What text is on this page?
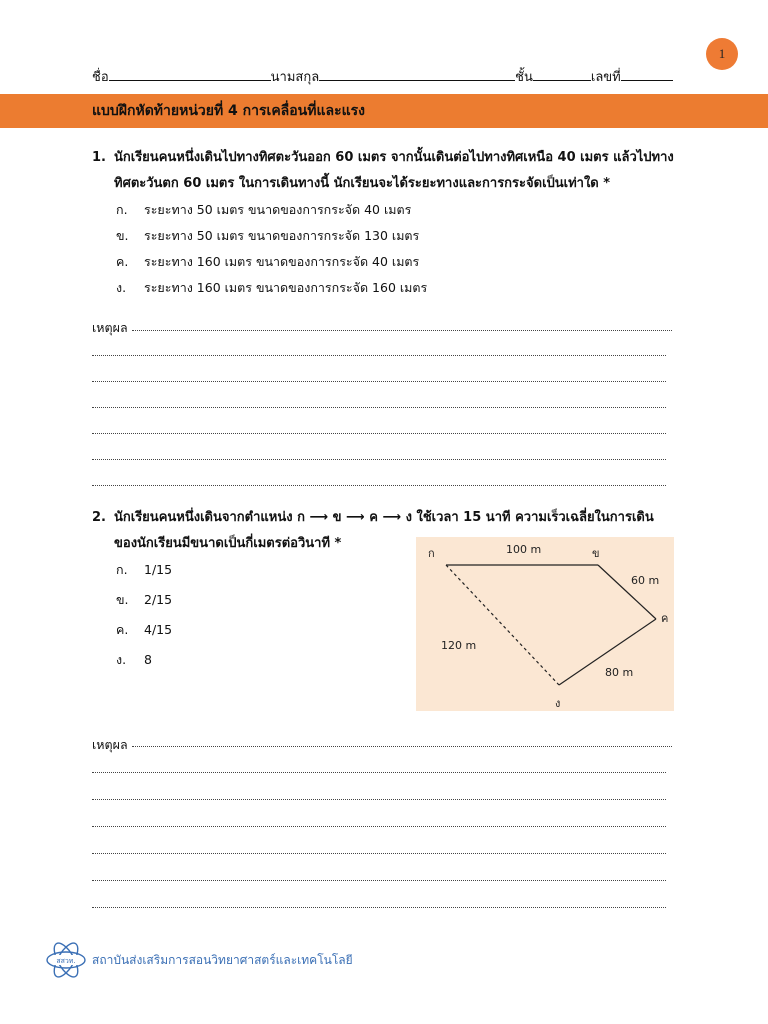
1
ชื่อ	นามสกุล	ชั้น	เลขที่
แบบฝึกหัดท้ายหน่วยที่ 4 การเคลื่อนที่และแรง
1. นักเรียนคนหนึ่งเดินไปทางทิศตะวันออก 60 เมตร จากนั้นเดินต่อไปทางทิศเหนือ 40 เมตร แล้วไปทาง
ทิศตะวันตก 60 เมตร ในการเดินทางนี้ นักเรียนจะได้ระยะทางและการกระจัดเป็นเท่าใด *
ก. ระยะทาง 50 เมตร ขนาดของการกระจัด 40 เมตร
ข. ระยะทาง 50 เมตร ขนาดของการกระจัด 130 เมตร
ค. ระยะทาง 160 เมตร ขนาดของการกระจัด 40 เมตร
ง. ระยะทาง 160 เมตร ขนาดของการกระจัด 160 เมตร
เหตุผล
2. นักเรียนคนหนึ่งเดินจากตำแหน่ง ก ⟶ ข ⟶ ค ⟶ ง ใช้เวลา 15 นาที ความเร็วเฉลี่ยในการเดิน
ของนักเรียนมีขนาดเป็นกี่เมตรต่อวินาที *
ก. 1/15
ข. 2/15
ค. 4/15
ง. 8
ก	ข
ค
ง
100 m
60 m
80 m
120 m
เหตุผล
สสวท. สถาบันส่งเสริมการสอนวิทยาศาสตร์และเทคโนโลยี
